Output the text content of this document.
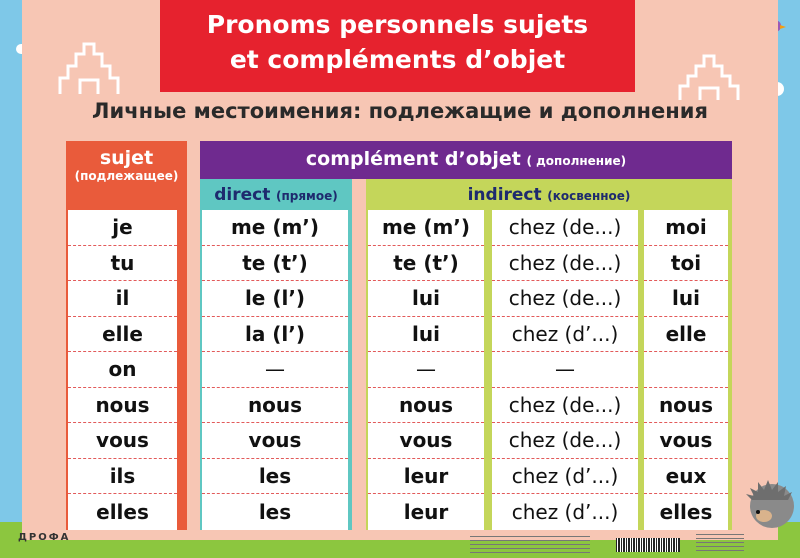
Pronoms personnels sujets
et compléments d’objet
Личные местоимения: подлежащие и дополнения
sujet
(подлежащее)
complément d’objet ( дополнение)
direct (прямое)	indirect (косвенное)
je
tu
il
elle
on
nous
vous
ils
elles
me (m’)
te (t’)
le (l’)
la (l’)
—
nous
vous
les
les
me (m’)
te (t’)
lui
lui
—
nous
vous
leur
leur
chez (de...)
chez (de...)
chez (de...)
chez (d’...)
—
chez (de...)
chez (de...)
chez (d’...)
chez (d’...)
moi
toi
lui
elle
nous
vous
eux
elles
ДРОФА
